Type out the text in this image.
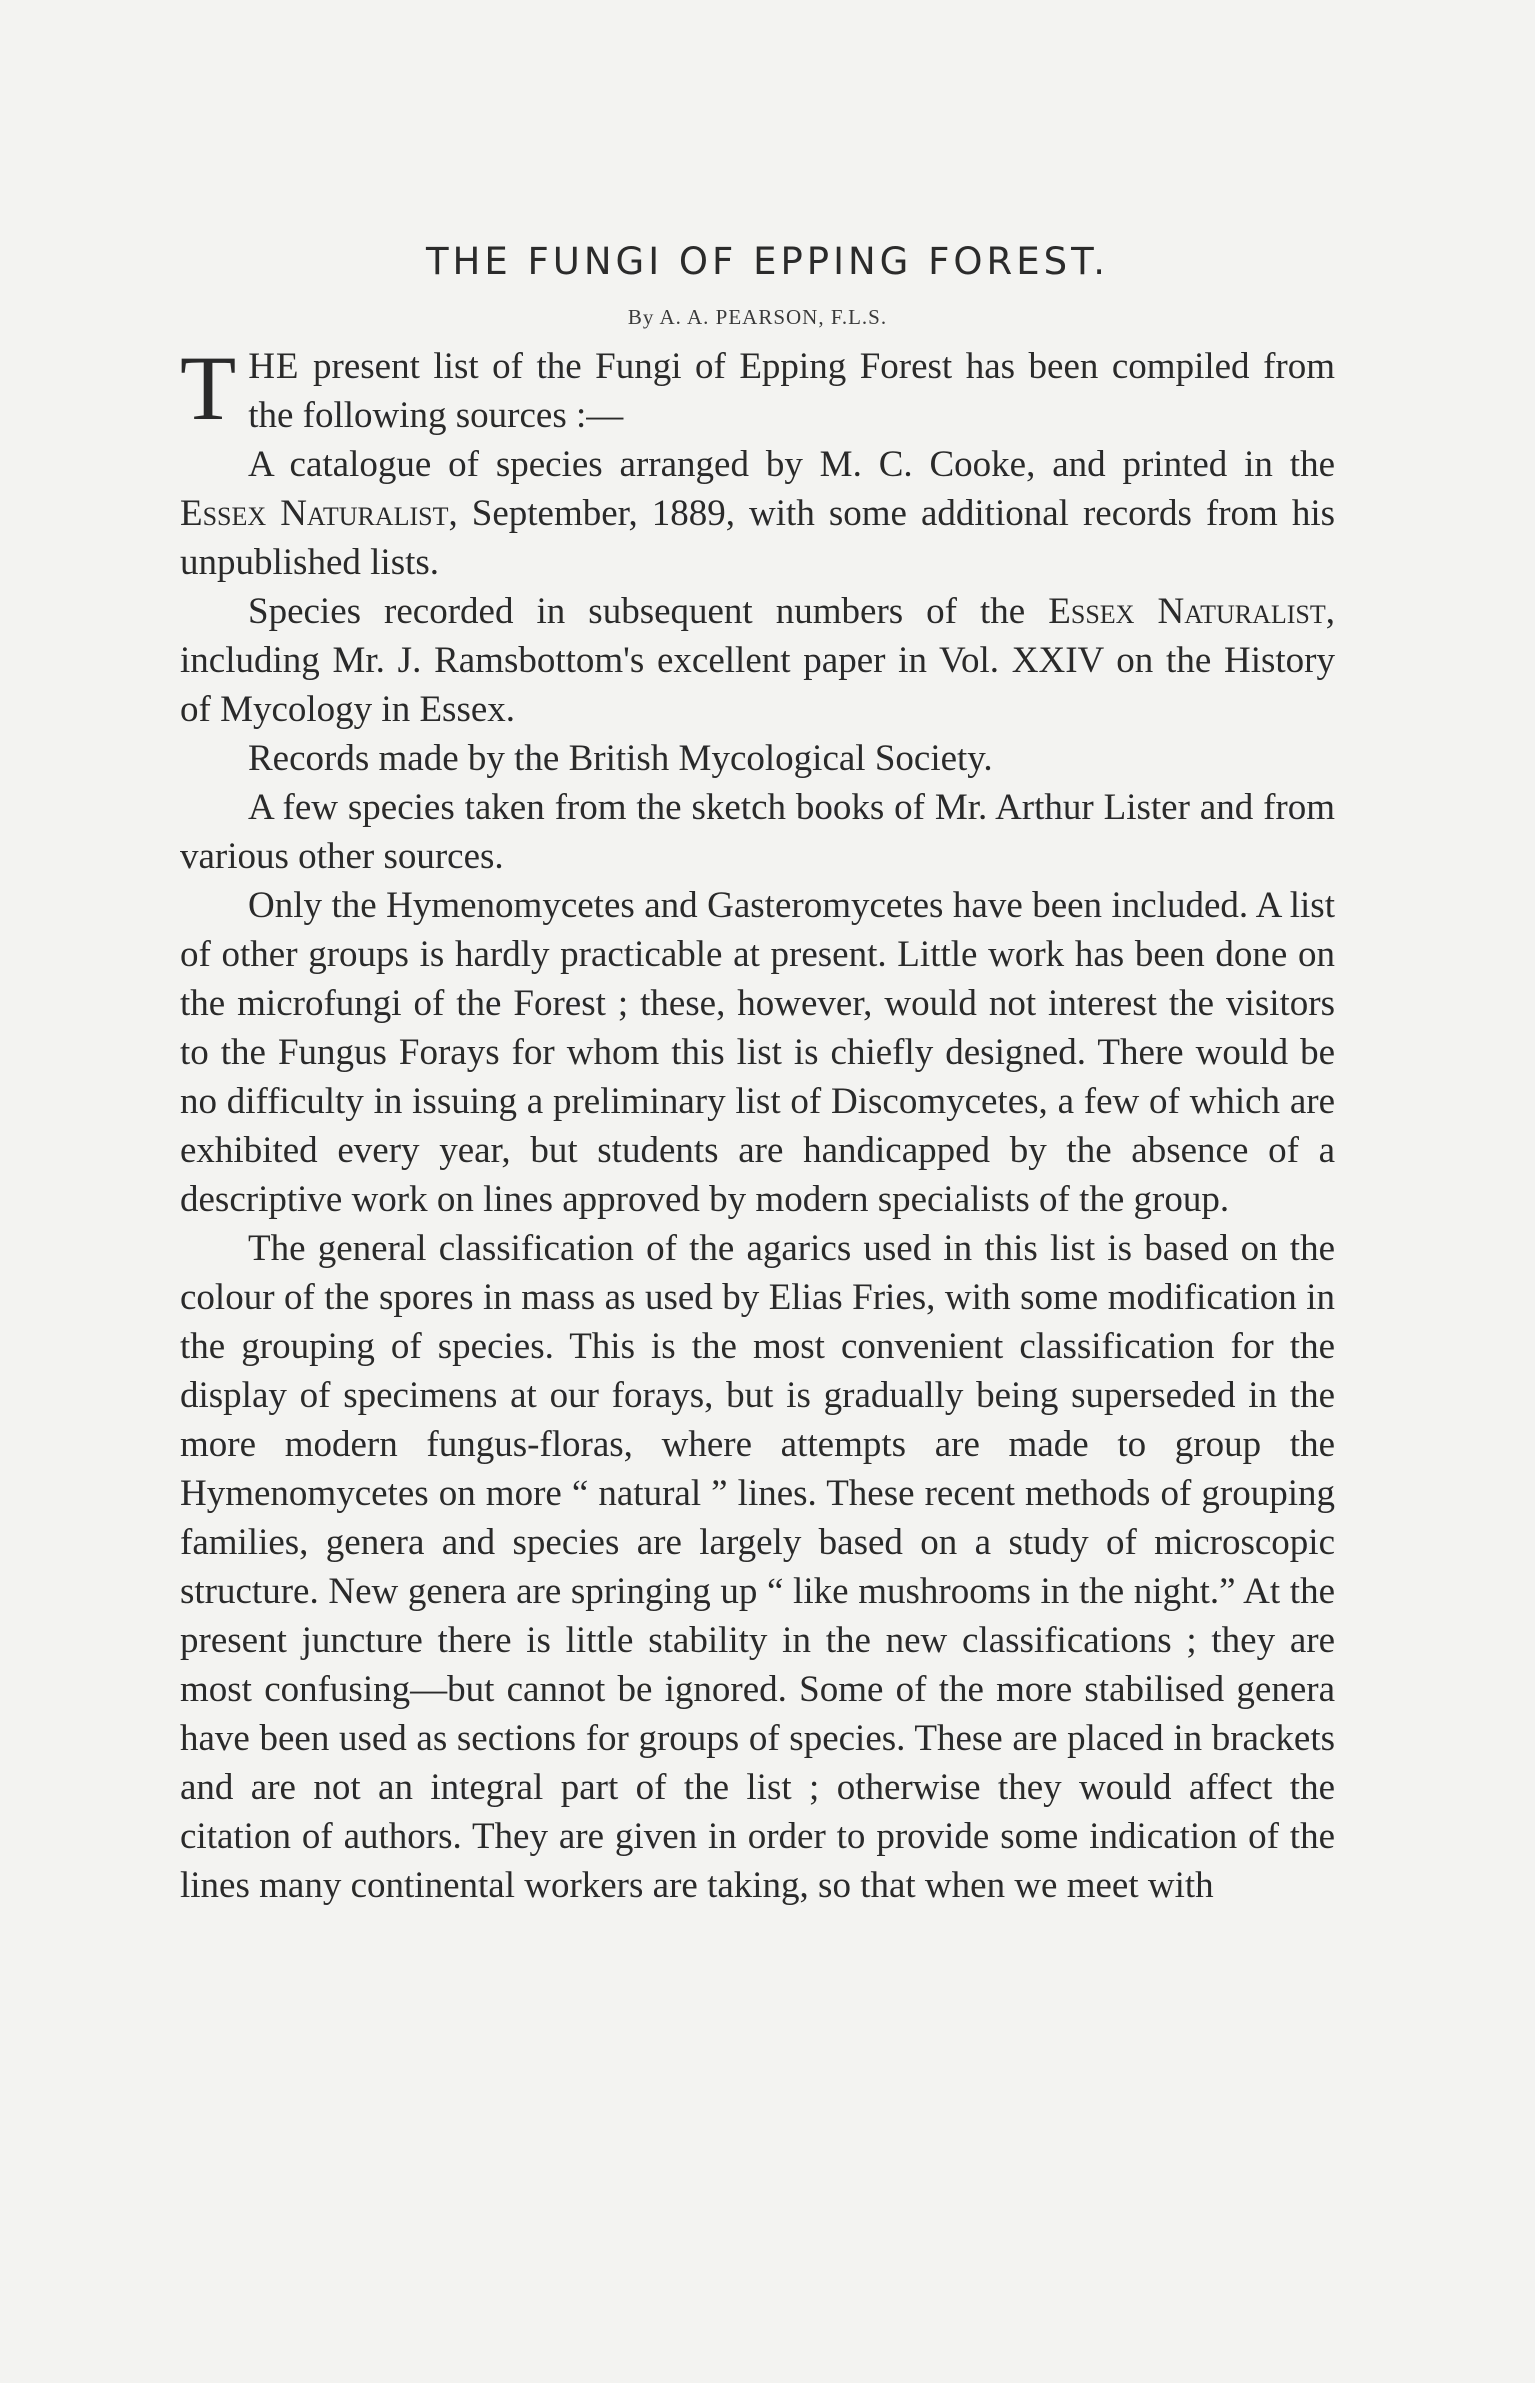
THE FUNGI OF EPPING FOREST.
By A. A. PEARSON, F.L.S.

THE present list of the Fungi of Epping Forest has been compiled from the following sources :—

A catalogue of species arranged by M. C. Cooke, and printed in the Essex Naturalist, September, 1889, with some additional records from his unpublished lists.

Species recorded in subsequent numbers of the Essex Naturalist, including Mr. J. Ramsbottom's excellent paper in Vol. XXIV on the History of Mycology in Essex.

Records made by the British Mycological Society.

A few species taken from the sketch books of Mr. Arthur Lister and from various other sources.

Only the Hymenomycetes and Gasteromycetes have been included. A list of other groups is hardly practicable at present. Little work has been done on the microfungi of the Forest ; these, however, would not interest the visitors to the Fungus Forays for whom this list is chiefly designed. There would be no difficulty in issuing a preliminary list of Discomycetes, a few of which are exhibited every year, but students are handicapped by the absence of a descriptive work on lines approved by modern specialists of the group.

The general classification of the agarics used in this list is based on the colour of the spores in mass as used by Elias Fries, with some modification in the grouping of species. This is the most convenient classification for the display of specimens at our forays, but is gradually being superseded in the more modern fungus-floras, where attempts are made to group the Hymenomycetes on more “ natural ” lines. These recent methods of grouping families, genera and species are largely based on a study of microscopic structure. New genera are springing up “ like mushrooms in the night.” At the present juncture there is little stability in the new classifications ; they are most confusing—but cannot be ignored. Some of the more stabilised genera have been used as sections for groups of species. These are placed in brackets and are not an integral part of the list ; otherwise they would affect the citation of authors. They are given in order to provide some indication of the lines many continental workers are taking, so that when we meet with
